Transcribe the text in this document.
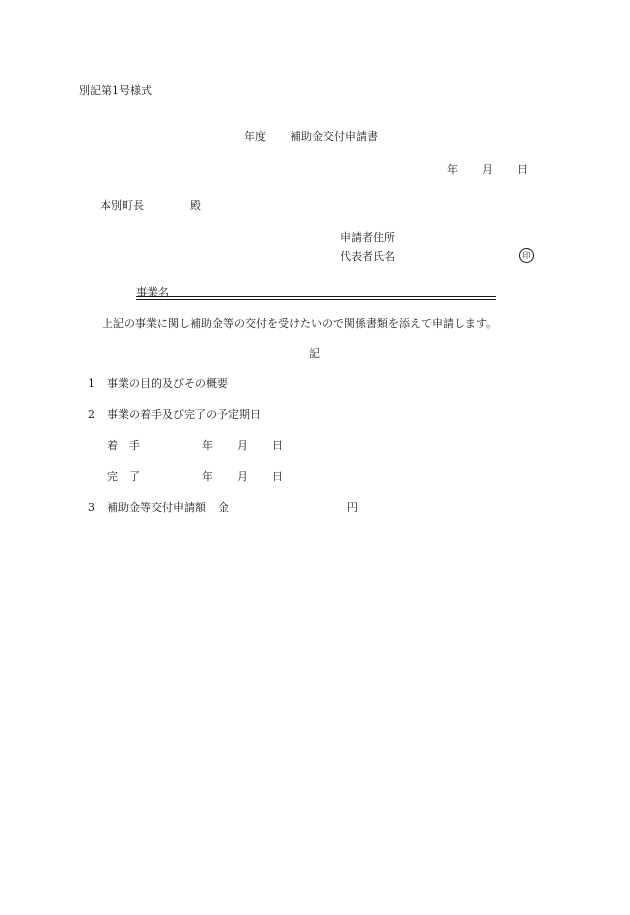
別記第1号様式
年度 補助金交付申請書
年 月 日
本別町長	殿
申請者住所
代表者氏名	印
事業名
上記の事業に関し補助金等の交付を受けたいので関係書類を添えて申請します。
記
1 事業の目的及びその概要
2 事業の着手及び完了の予定期日
着 手	年 月 日
完 了	年 月 日
3 補助金等交付申請額 金	円
